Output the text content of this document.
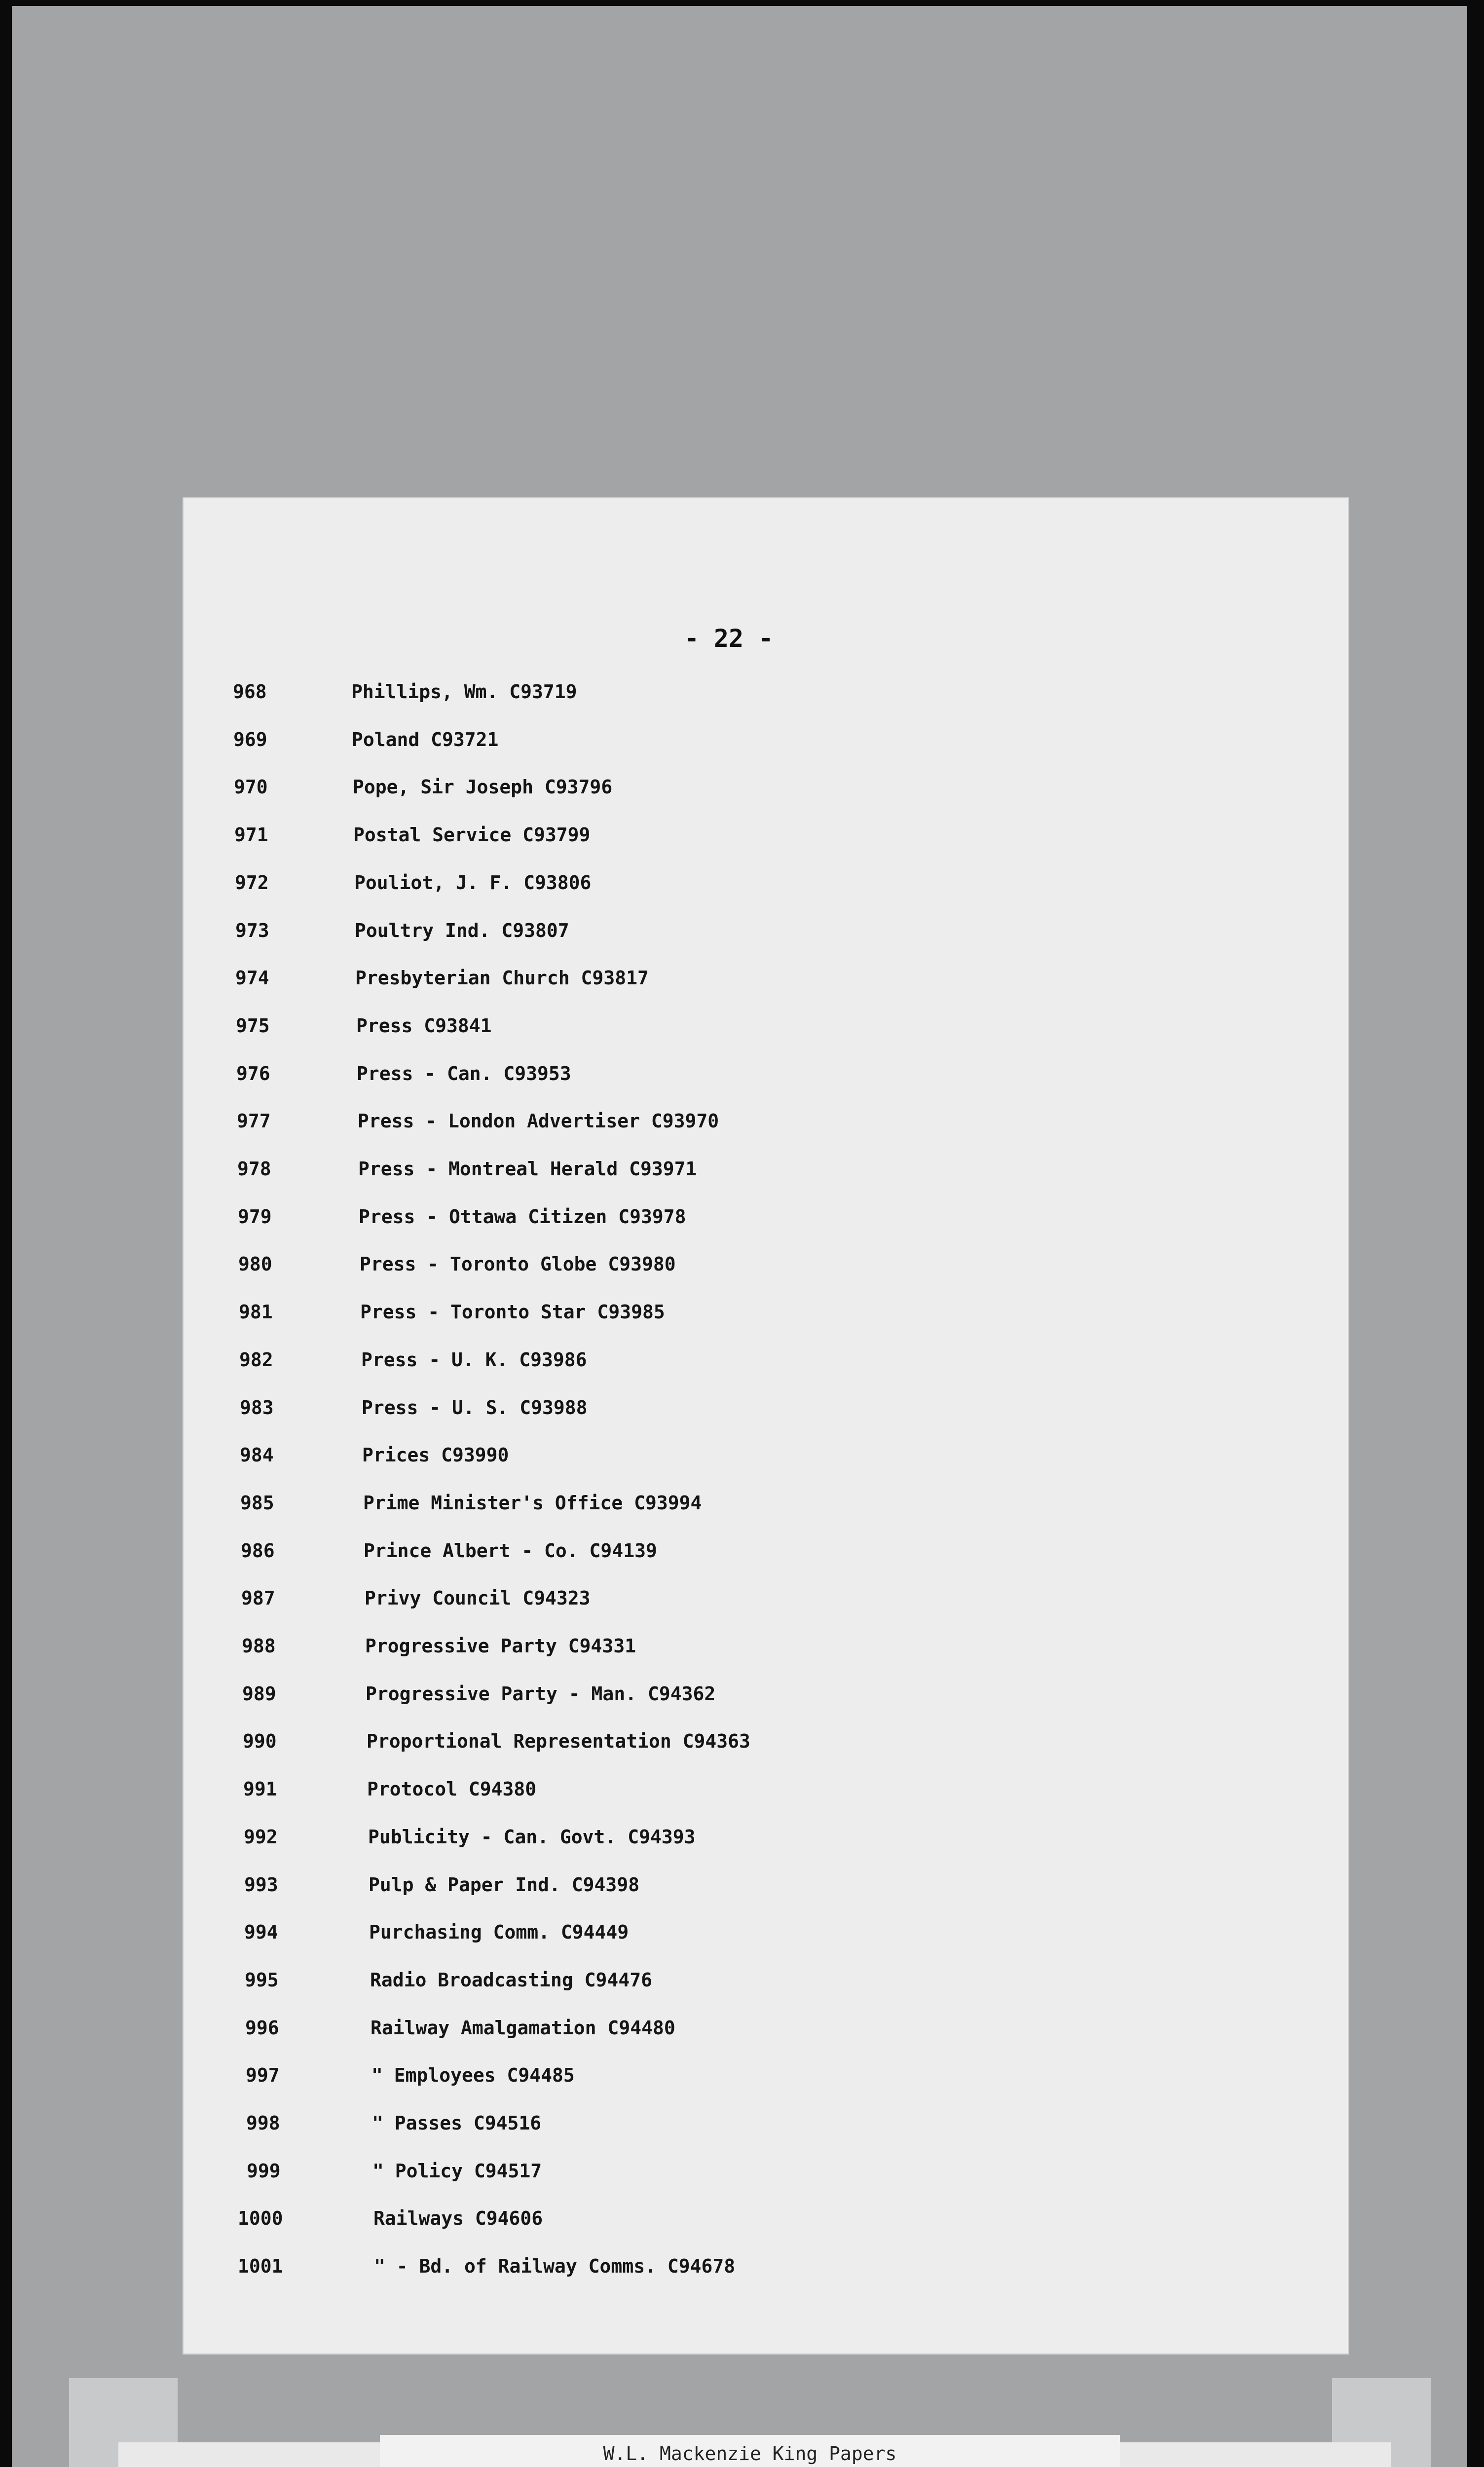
- 22 -
968	Phillips, Wm. C93719
969	Poland C93721
970	Pope, Sir Joseph C93796
971	Postal Service C93799
972	Pouliot, J. F. C93806
973	Poultry Ind. C93807
974	Presbyterian Church C93817
975	Press C93841
976	Press - Can. C93953
977	Press - London Advertiser C93970
978	Press - Montreal Herald C93971
979	Press - Ottawa Citizen C93978
980	Press - Toronto Globe C93980
981	Press - Toronto Star C93985
982	Press - U. K. C93986
983	Press - U. S. C93988
984	Prices C93990
985	Prime Minister's Office C93994
986	Prince Albert - Co. C94139
987	Privy Council C94323
988	Progressive Party C94331
989	Progressive Party - Man. C94362
990	Proportional Representation C94363
991	Protocol C94380
992	Publicity - Can. Govt. C94393
993	Pulp & Paper Ind. C94398
994	Purchasing Comm. C94449
995	Radio Broadcasting C94476
996	Railway Amalgamation C94480
997	" Employees C94485
998	" Passes C94516
999	" Policy C94517
1000	Railways C94606
1001	" - Bd. of Railway Comms. C94678
W.L. Mackenzie King Papers
